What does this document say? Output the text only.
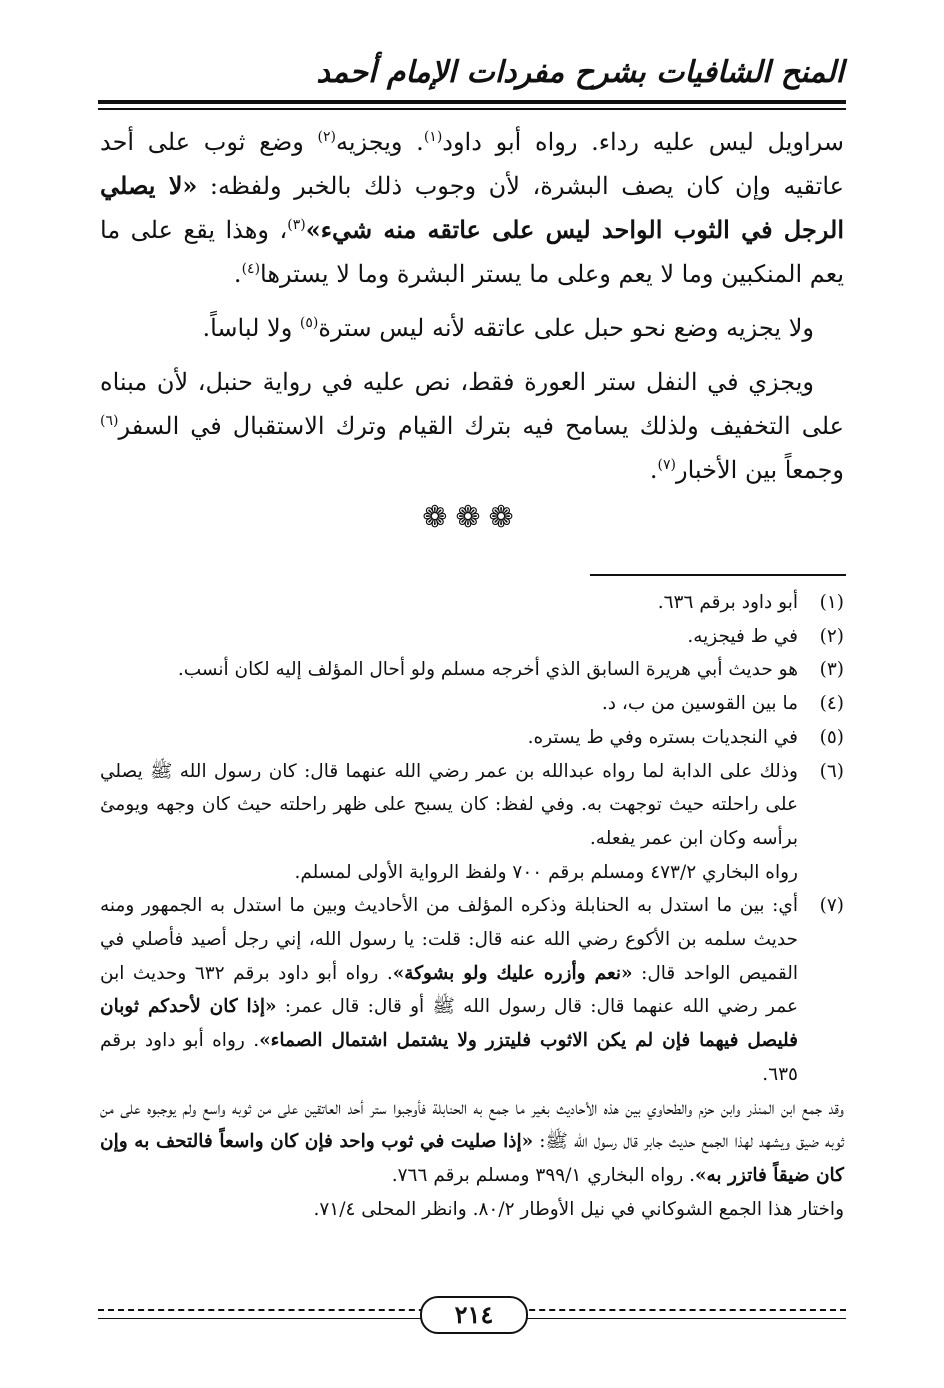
المنح الشافيات بشرح مفردات الإمام أحمد

سراويل ليس عليه رداء. رواه أبو داود$^{(١)}$. ويجزيه$^{(٢)}$ وضع ثوب على أحد عاتقيه وإن كان يصف البشرة، لأن وجوب ذلك بالخبر ولفظه: «لا يصلي الرجل في الثوب الواحد ليس على عاتقه منه شيء»$^{(٣)}$، وهذا يقع على ما يعم المنكبين وما لا يعم وعلى ما يستر البشرة وما لا يسترها$^{(٤)}$.

ولا يجزيه وضع نحو حبل على عاتقه لأنه ليس سترة$^{(٥)}$ ولا لباساً.

ويجزي في النفل ستر العورة فقط، نص عليه في رواية حنبل، لأن مبناه على التخفيف ولذلك يسامح فيه بترك القيام وترك الاستقبال في السفر$^{(٦)}$ وجمعاً بين الأخبار$^{(٧)}$.

❁❁❁
(١)
أبو داود برقم ٦٣٦.
(٢)
في ط فيجزيه.
(٣)
هو حديث أبي هريرة السابق الذي أخرجه مسلم ولو أحال المؤلف إليه لكان أنسب.
(٤)
ما بين القوسين من ب، د.
(٥)
في النجديات بستره وفي ط يستره.
(٦)
وذلك على الدابة لما رواه عبدالله بن عمر رضي الله عنهما قال: كان رسول الله ﷺ يصلي على راحلته حيث توجهت به. وفي لفظ: كان يسبح على ظهر راحلته حيث كان وجهه ويومئ برأسه وكان ابن عمر يفعله.
رواه البخاري ٤٧٣/٢ ومسلم برقم ٧٠٠ ولفظ الرواية الأولى لمسلم.
(٧)
أي: بين ما استدل به الحنابلة وذكره المؤلف من الأحاديث وبين ما استدل به الجمهور ومنه حديث سلمه بن الأكوع رضي الله عنه قال: قلت: يا رسول الله، إني رجل أصيد فأصلي في القميص الواحد قال: «نعم وأزره عليك ولو بشوكة». رواه أبو داود برقم ٦٣٢ وحديث ابن عمر رضي الله عنهما قال: قال رسول الله ﷺ أو قال: قال عمر: «إذا كان لأحدكم ثوبان فليصل فيهما فإن لم يكن الاثوب فليتزر ولا يشتمل اشتمال الصماء». رواه أبو داود برقم ٦٣٥.
وقد جمع ابن المنذر وابن حزم والطحاوي بين هذه الأحاديث بغير ما جمع به الحنابلة فأوجبوا ستر أحد العاتقين على من ثوبه واسع ولم يوجبوه على من ثوبه ضيق ويشهد لهذا الجمع حديث جابر قال رسول الله ﷺ: «إذا صليت في ثوب واحد فإن كان واسعاً فالتحف به وإن كان ضيقاً فاتزر به». رواه البخاري ٣٩٩/١ ومسلم برقم ٧٦٦.
واختار هذا الجمع الشوكاني في نيل الأوطار ٨٠/٢. وانظر المحلى ٧١/٤.
٢١٤
